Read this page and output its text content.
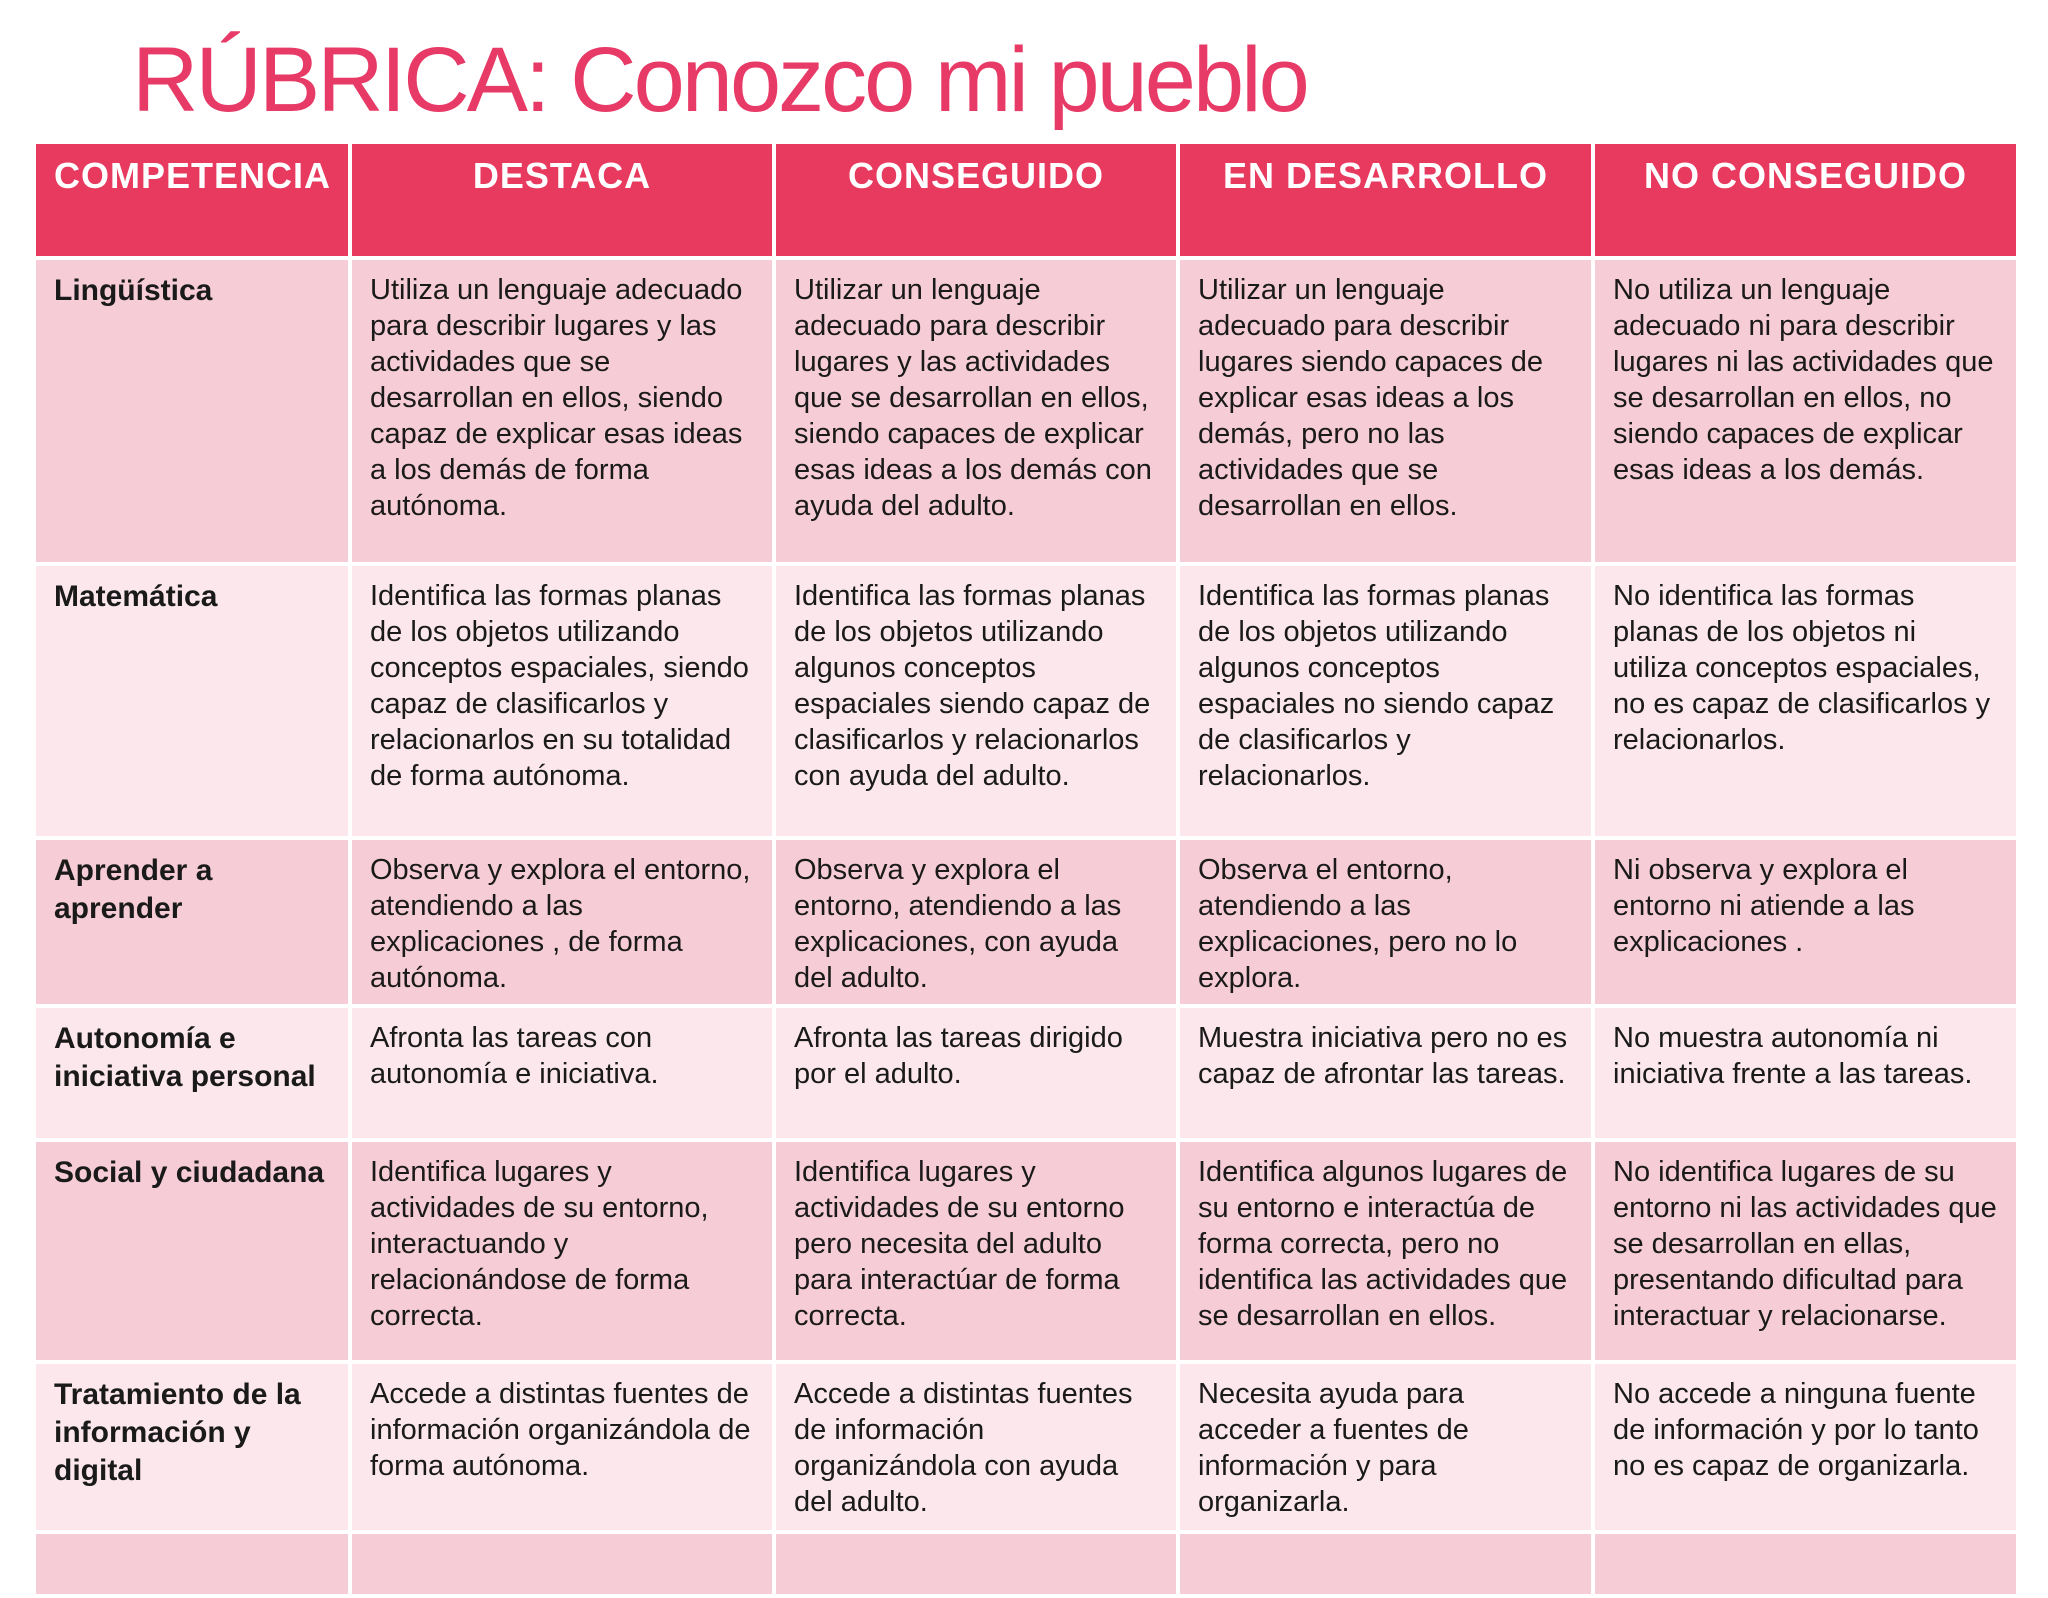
RÚBRICA: Conozco mi pueblo
COMPETENCIA	DESTACA	CONSEGUIDO	EN DESARROLLO	NO CONSEGUIDO
Lingüística	Utiliza un lenguaje adecuado para describir lugares y las actividades que se desarrollan en ellos, siendo capaz de explicar esas ideas a los demás de forma autónoma.	Utilizar un lenguaje adecuado para describir lugares y las actividades que se desarrollan en ellos, siendo capaces de explicar esas ideas a los demás con ayuda del adulto.	Utilizar un lenguaje adecuado para describir lugares siendo capaces de explicar esas ideas a los demás, pero no las actividades que se desarrollan en ellos.	No utiliza un lenguaje adecuado ni para describir lugares ni las actividades que se desarrollan en ellos, no siendo capaces de explicar esas ideas a los demás.
Matemática	Identifica las formas planas de los objetos utilizando conceptos espaciales, siendo capaz de clasificarlos y relacionarlos en su totalidad de forma autónoma.	Identifica las formas planas de los objetos utilizando algunos conceptos espaciales siendo capaz de clasificarlos y relacionarlos con ayuda del adulto.	Identifica las formas planas de los objetos utilizando algunos conceptos espaciales no siendo capaz de clasificarlos y relacionarlos.	No identifica las formas planas de los objetos ni utiliza conceptos espaciales, no es capaz de clasificarlos y relacionarlos.
Aprender a aprender	Observa y explora el entorno, atendiendo a las explicaciones , de forma autónoma.	Observa y explora el entorno, atendiendo a las explicaciones, con ayuda del adulto.	Observa el entorno, atendiendo a las explicaciones, pero no lo explora.	Ni observa y explora el entorno ni atiende a las explicaciones .
Autonomía e iniciativa personal	Afronta las tareas con autonomía e iniciativa.	Afronta las tareas dirigido por el adulto.	Muestra iniciativa pero no es capaz de afrontar las tareas.	No muestra autonomía ni iniciativa frente a las tareas.
Social y ciudadana	Identifica lugares y actividades de su entorno, interactuando y relacionándose de forma correcta.	Identifica lugares y actividades de su entorno pero necesita del adulto para interactúar de forma correcta.	Identifica algunos lugares de su entorno e interactúa de forma correcta, pero no identifica las actividades que se desarrollan en ellos.	No identifica lugares de su entorno ni las actividades que se desarrollan en ellas, presentando dificultad para interactuar y relacionarse.
Tratamiento de la información y digital	Accede a distintas fuentes de información organizándola de forma autónoma.	Accede a distintas fuentes de información organizándola con ayuda del adulto.	Necesita ayuda para acceder a fuentes de información y para organizarla.	No accede a ninguna fuente de información y por lo tanto no es capaz de organizarla.
